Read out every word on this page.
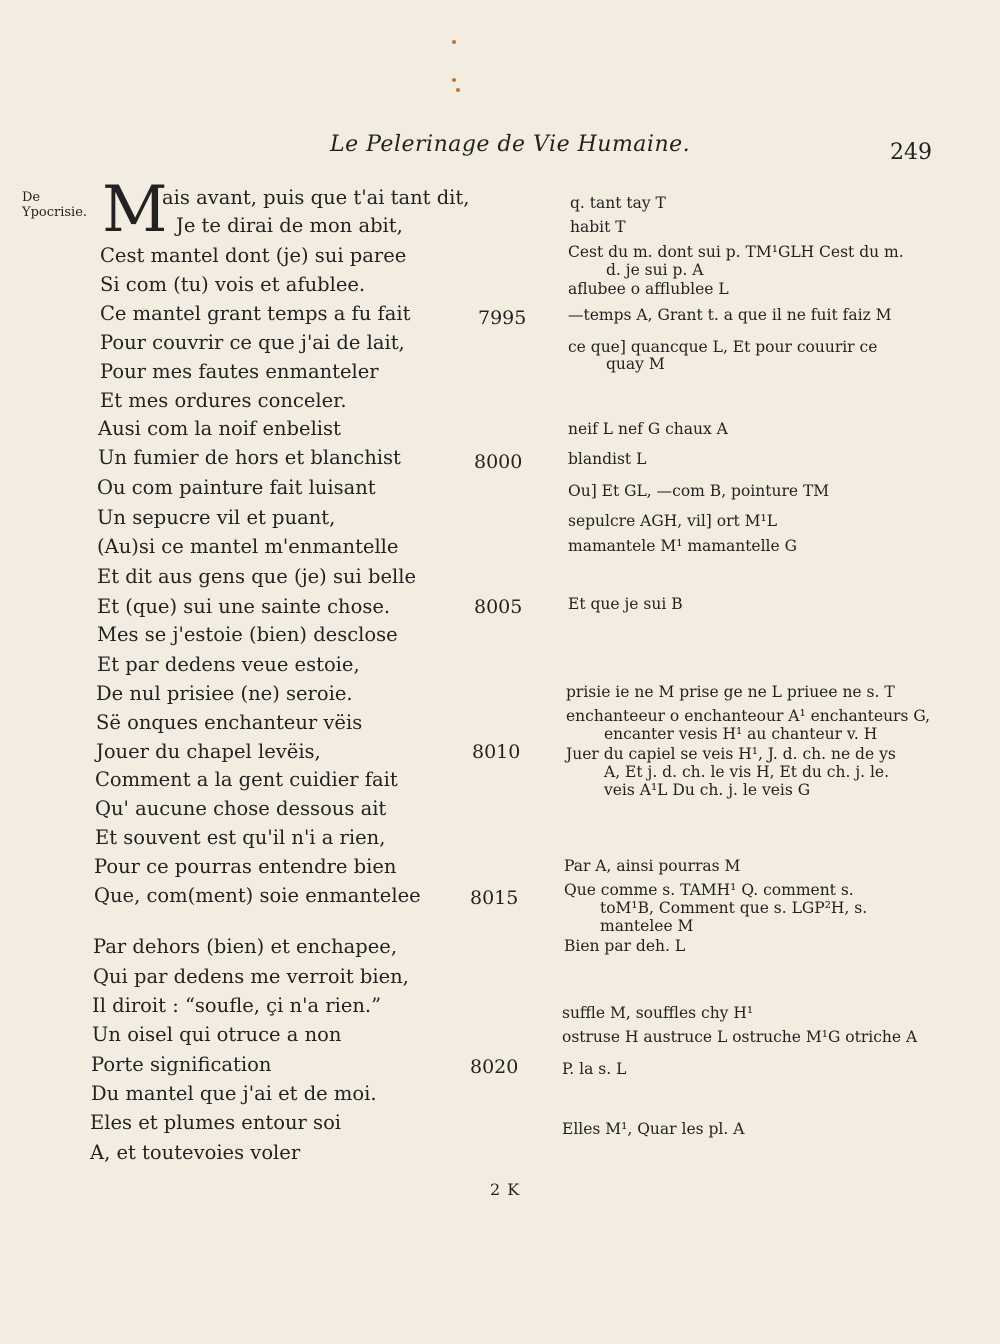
Le Pelerinage de Vie Humaine.	249
De Ypocrisie. M
ais avant, puis que t'ai tant dit,
Je te dirai de mon abit,
Cest mantel dont (je) sui paree
Si com (tu) vois et afublee.
Ce mantel grant temps a fu fait
Pour couvrir ce que j'ai de lait,
Pour mes fautes enmanteler
Et mes ordures conceler.
Ausi com la noif enbelist
Un fumier de hors et blanchist
Ou com painture fait luisant
Un sepucre vil et puant,
(Au)si ce mantel m'enmantelle
Et dit aus gens que (je) sui belle
Et (que) sui une sainte chose.
Mes se j'estoie (bien) desclose
Et par dedens veue estoie,
De nul prisiee (ne) seroie.
Së onques enchanteur vëis
Jouer du chapel levëis,
Comment a la gent cuidier fait
Qu' aucune chose dessous ait
Et souvent est qu'il n'i a rien,
Pour ce pourras entendre bien
Que, com(ment) soie enmantelee
Par dehors (bien) et enchapee,
Qui par dedens me verroit bien,
Il diroit : “soufle, çi n'a rien.”
Un oisel qui otruce a non
Porte signification
Du mantel que j'ai et de moi.
Eles et plumes entour soi
A, et toutevoies voler
7995
8000
8005
8010
8015
8020
q. tant tay T
habit T
Cest du m. dont sui p. TM¹GLH Cest du m.
d. je sui p. A
aflubee o afflublee L
—temps A, Grant t. a que il ne fuit faiz M
ce que] quancque L, Et pour couurir ce
quay M
neif L nef G chaux A
blandist L
Ou] Et GL, —com B, pointure TM
sepulcre AGH, vil] ort M¹L
mamantele M¹ mamantelle G
Et que je sui B
prisie ie ne M prise ge ne L priuee ne s. T
enchanteeur o enchanteour A¹ enchanteurs G,
encanter vesis H¹ au chanteur v. H
Juer du capiel se veis H¹, J. d. ch. ne de ys
A, Et j. d. ch. le vis H, Et du ch. j. le.
veis A¹L Du ch. j. le veis G
Par A, ainsi pourras M
Que comme s. TAMH¹ Q. comment s.
toM¹B, Comment que s. LGP²H, s.
mantelee M
Bien par deh. L
suffle M, souffles chy H¹
ostruse H austruce L ostruche M¹G otriche A
P. la s. L
Elles M¹, Quar les pl. A
2 K
